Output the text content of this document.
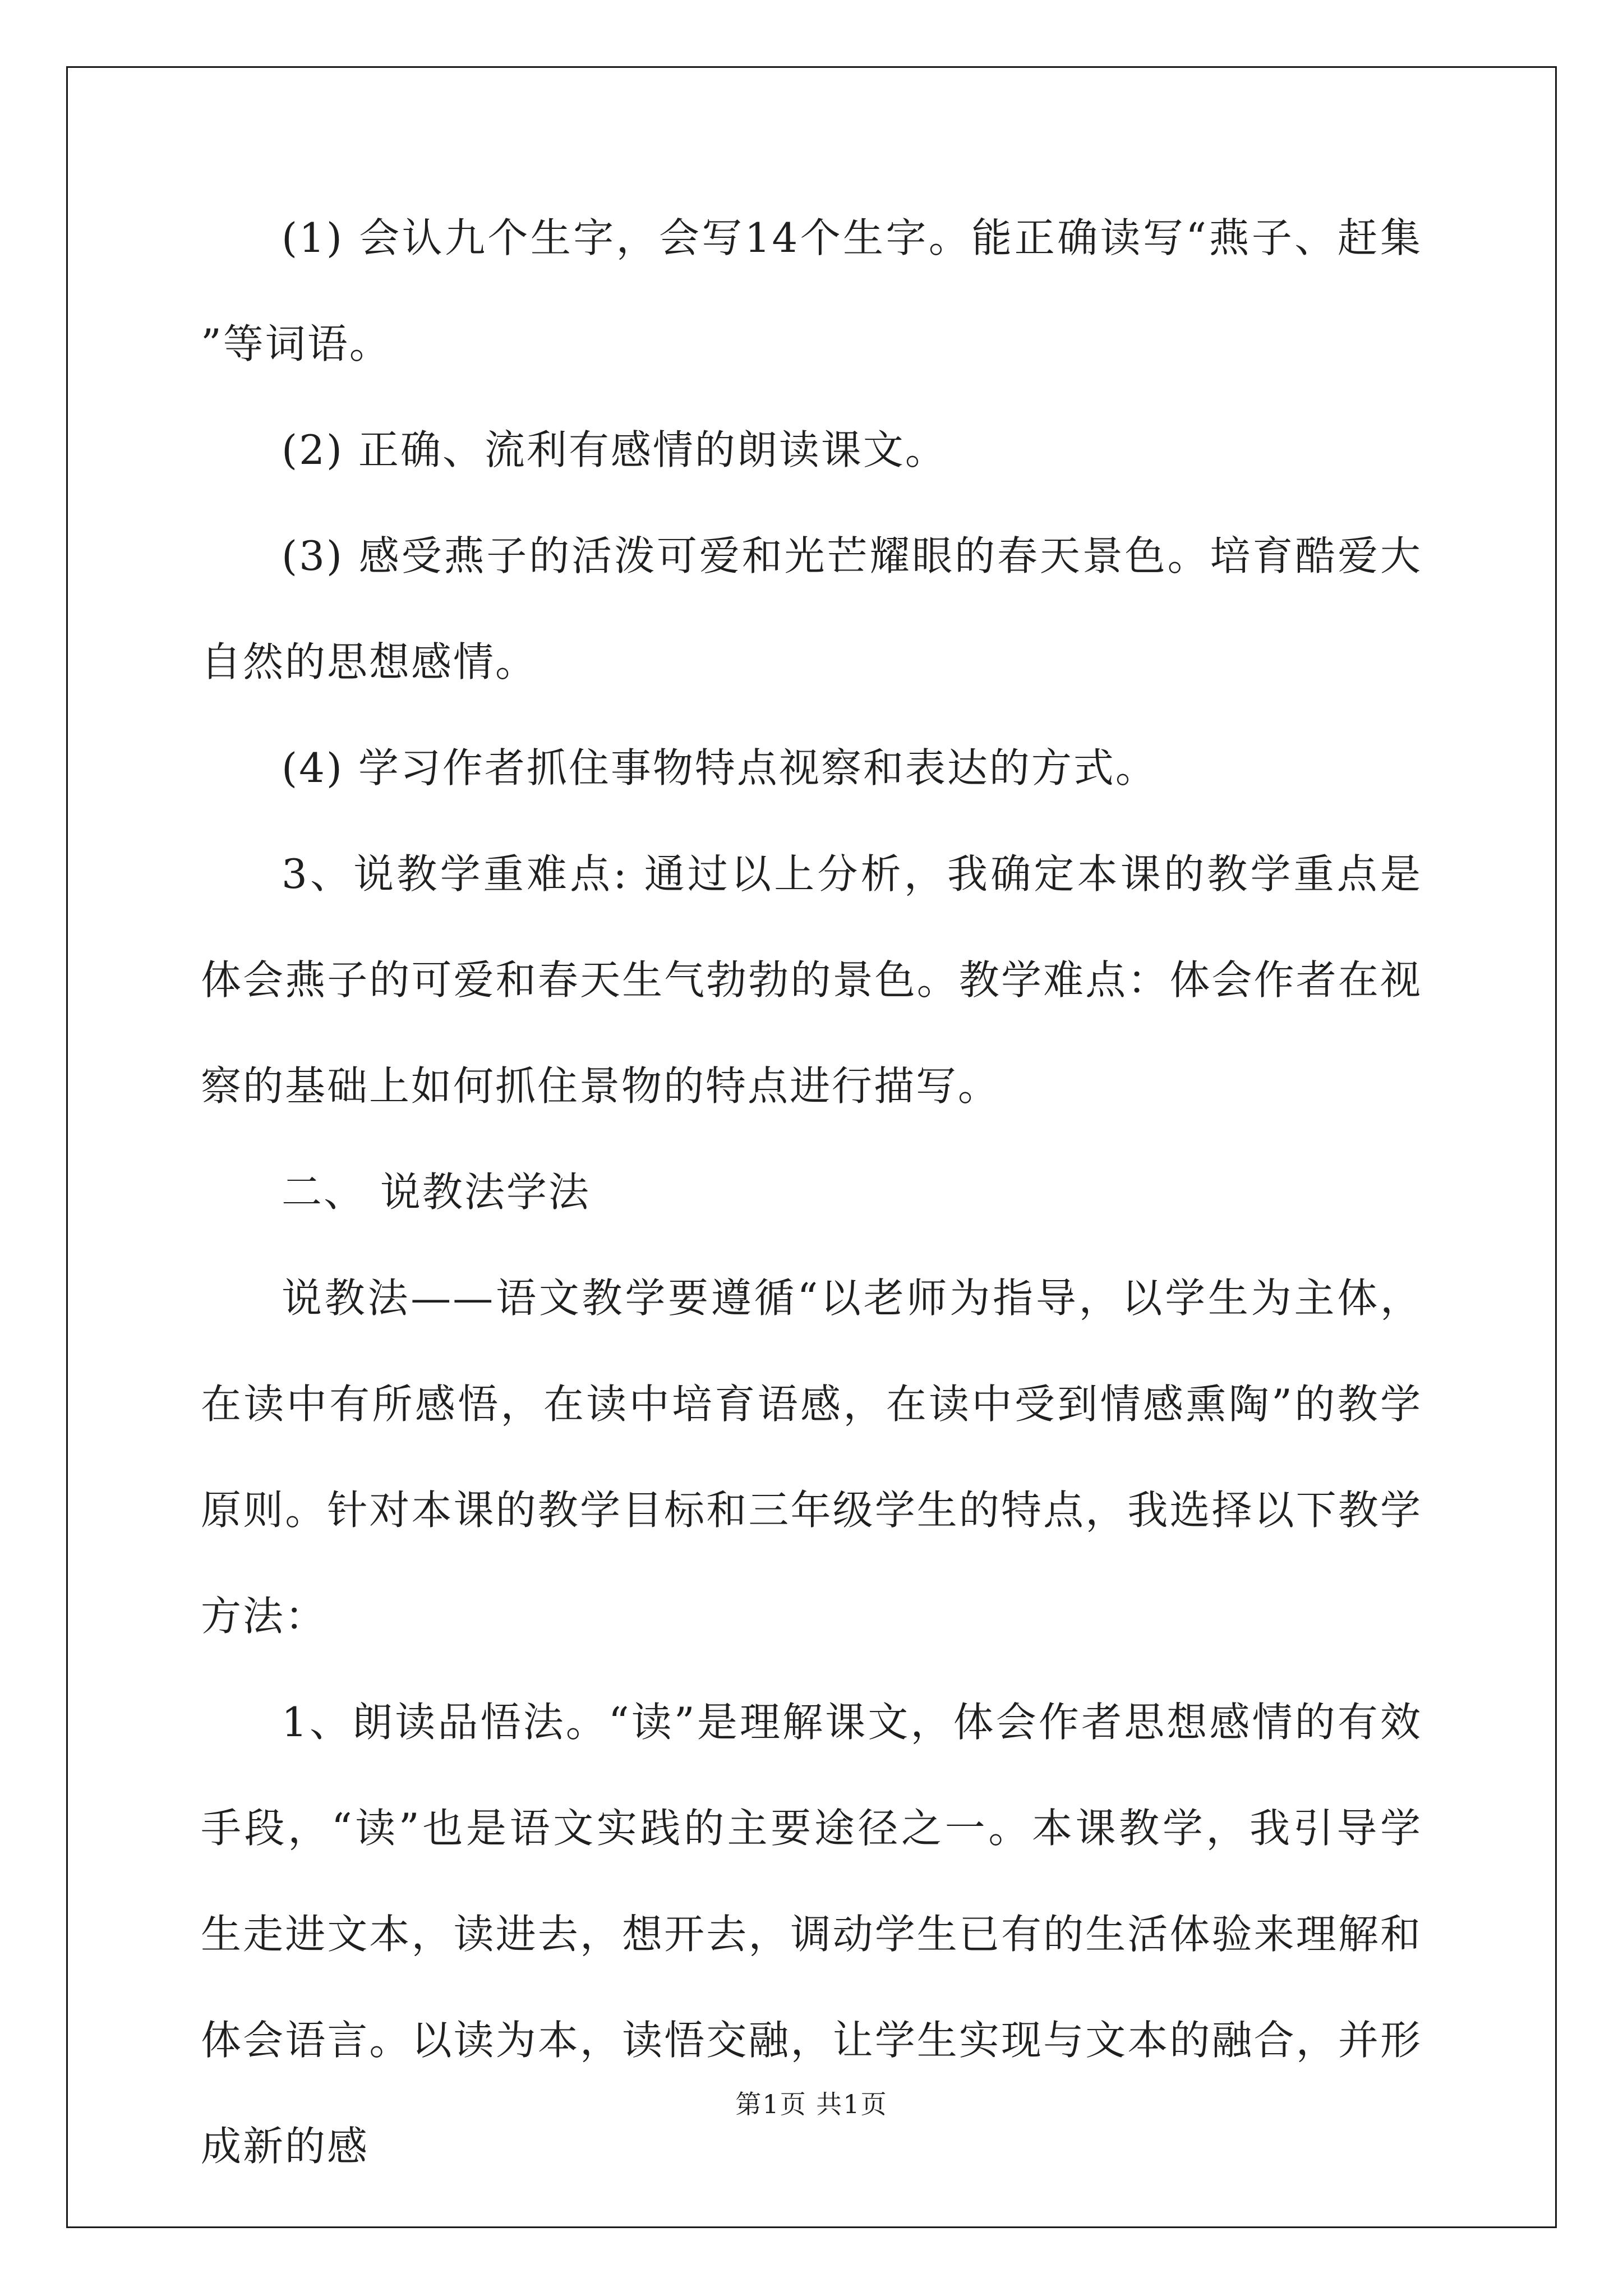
(1) 会认九个生字，会写14个生字。能正确读写“燕子、赶集”等词语。

(2) 正确、流利有感情的朗读课文。

(3) 感受燕子的活泼可爱和光芒耀眼的春天景色。培育酷爱大自然的思想感情。

(4) 学习作者抓住事物特点视察和表达的方式。

3、说教学重难点: 通过以上分析，我确定本课的教学重点是体会燕子的可爱和春天生气勃勃的景色。教学难点：体会作者在视察的基础上如何抓住景物的特点进行描写。

二、 说教法学法

说教法——语文教学要遵循“以老师为指导，以学生为主体，在读中有所感悟，在读中培育语感，在读中受到情感熏陶”的教学原则。针对本课的教学目标和三年级学生的特点，我选择以下教学方法：

1、朗读品悟法。“读”是理解课文，体会作者思想感情的有效手段，“读”也是语文实践的主要途径之一。本课教学，我引导学生走进文本，读进去，想开去，调动学生已有的生活体验来理解和体会语言。以读为本，读悟交融，让学生实现与文本的融合，并形成新的感

第1页 共1页
